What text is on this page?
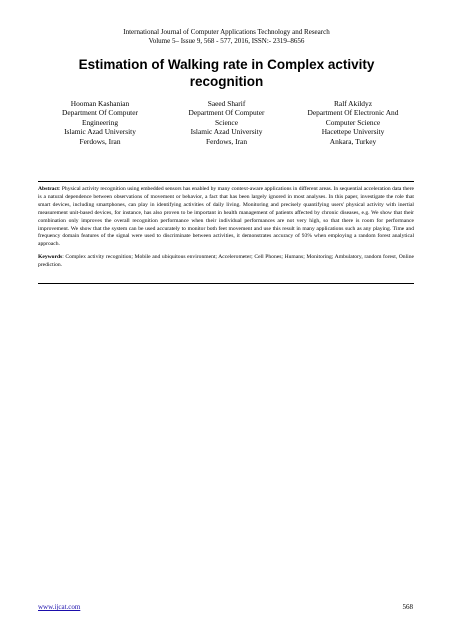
International Journal of Computer Applications Technology and Research
Volume 5– Issue 9, 568 - 577, 2016, ISSN:- 2319–8656
Estimation of Walking rate in Complex activity
recognition
Hooman Kashanian
Department Of Computer
Engineering
Islamic Azad University
Ferdows, Iran
Saeed Sharif
Department Of Computer
Science
Islamic Azad University
Ferdows, Iran
Ralf Akildyz
Department Of Electronic And
Computer Science
Hacettepe University
Ankara, Turkey

Abstract: Physical activity recognition using embedded sensors has enabled by many context-aware applications in different areas. In sequential acceleration data there is a natural dependence between observations of movement or behavior, a fact that has been largely ignored in most analyses. In this paper, investigate the role that smart devices, including smartphones, can play in identifying activities of daily living. Monitoring and precisely quantifying users' physical activity with inertial measurement unit-based devices, for instance, has also proven to be important in health management of patients affected by chronic diseases, e.g. We show that their combination only improves the overall recognition performance when their individual performances are not very high, so that there is room for performance improvement. We show that the system can be used accurately to monitor both feet movement and use this result in many applications such as any playing. Time and frequency domain features of the signal were used to discriminate between activities, it demonstrates accuracy of 93% when employing a random forest analytical approach.

Keywords: Complex activity recognition; Mobile and ubiquitous environment; Accelerometer; Cell Phones; Humans; Monitoring; Ambulatory, random forest, Online prediction.

www.ijcat.com	568
